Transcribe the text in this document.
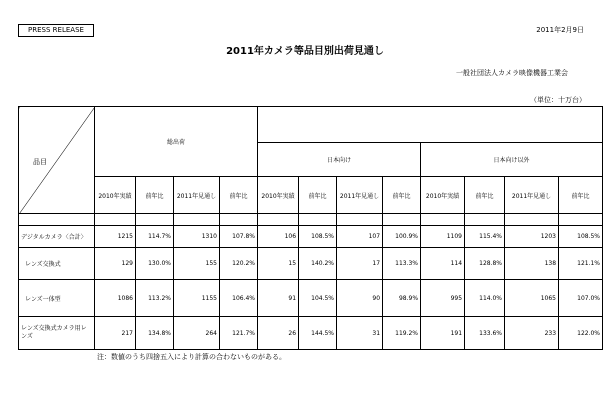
PRESS RELEASE	2011年2月9日
2011年カメラ等品目別出荷見通し
一般社団法人カメラ映像機器工業会
（単位：十万台）
品目	総出荷											
					日本向け				日本向け以外			
	2010年実績	前年比	2011年見通し	前年比	2010年実績	前年比	2011年見通し	前年比	2010年実績	前年比	2011年見通し	前年比

デジタルカメラ〈合計〉	1215	114.7%	1310	107.8%	106	108.5%	107	100.9%	1109	115.4%	1203	108.5%
レンズ交換式	129	130.0%	155	120.2%	15	140.2%	17	113.3%	114	128.8%	138	121.1%
レンズ一体型	1086	113.2%	1155	106.4%	91	104.5%	90	98.9%	995	114.0%	1065	107.0%
レンズ交換式カメラ用レンズ	217	134.8%	264	121.7%	26	144.5%	31	119.2%	191	133.6%	233	122.0%
注：数値のうち四捨五入により計算の合わないものがある。
